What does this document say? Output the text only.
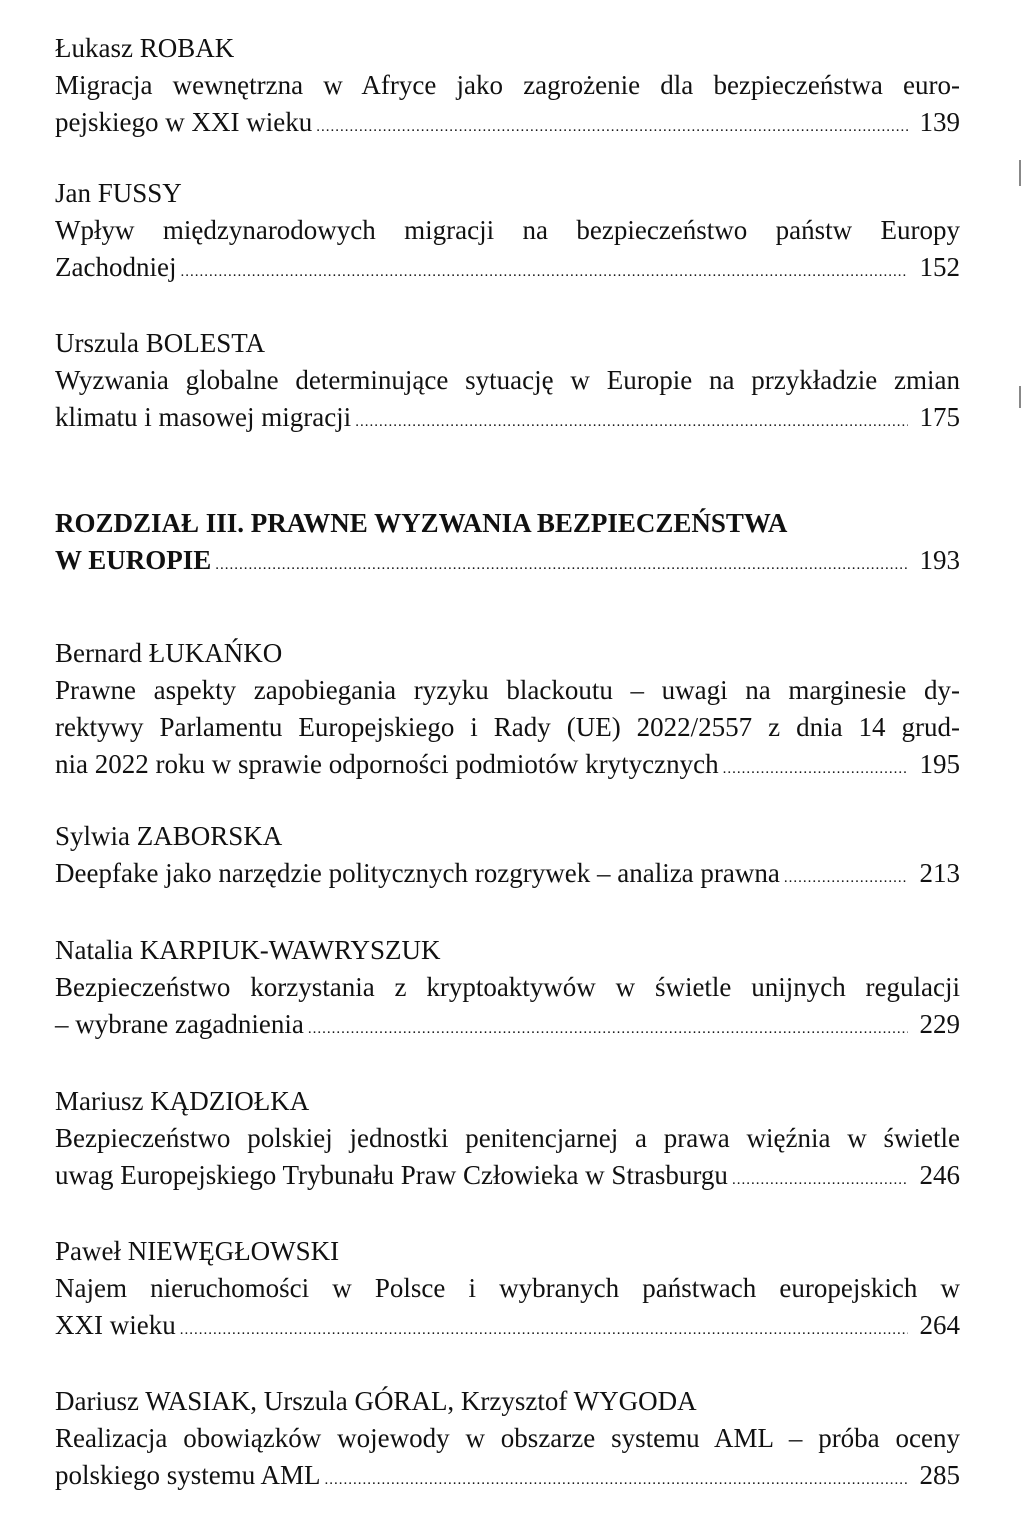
Łukasz ROBAK
Migracja wewnętrzna w Afryce jako zagrożenie dla bezpieczeństwa euro-
pejskiego w XXI wieku .....	139
Jan FUSSY
Wpływ międzynarodowych migracji na bezpieczeństwo państw Europy
Zachodniej .....	152
Urszula BOLESTA
Wyzwania globalne determinujące sytuację w Europie na przykładzie zmian
klimatu i masowej migracji .....	175
ROZDZIAŁ III. PRAWNE WYZWANIA BEZPIECZEŃSTWA
W EUROPIE .....	193
Bernard ŁUKAŃKO
Prawne aspekty zapobiegania ryzyku blackoutu – uwagi na marginesie dy-
rektywy Parlamentu Europejskiego i Rady (UE) 2022/2557 z dnia 14 grud-
nia 2022 roku w sprawie odporności podmiotów krytycznych .....	195
Sylwia ZABORSKA
Deepfake jako narzędzie politycznych rozgrywek – analiza prawna .....	213
Natalia KARPIUK-WAWRYSZUK
Bezpieczeństwo korzystania z kryptoaktywów w świetle unijnych regulacji
– wybrane zagadnienia .....	229
Mariusz KĄDZIOŁKA
Bezpieczeństwo polskiej jednostki penitencjarnej a prawa więźnia w świetle
uwag Europejskiego Trybunału Praw Człowieka w Strasburgu .....	246
Paweł NIEWĘGŁOWSKI
Najem nieruchomości w Polsce i wybranych państwach europejskich w
XXI wieku .....	264
Dariusz WASIAK, Urszula GÓRAL, Krzysztof WYGODA
Realizacja obowiązków wojewody w obszarze systemu AML – próba oceny
polskiego systemu AML .....	285
